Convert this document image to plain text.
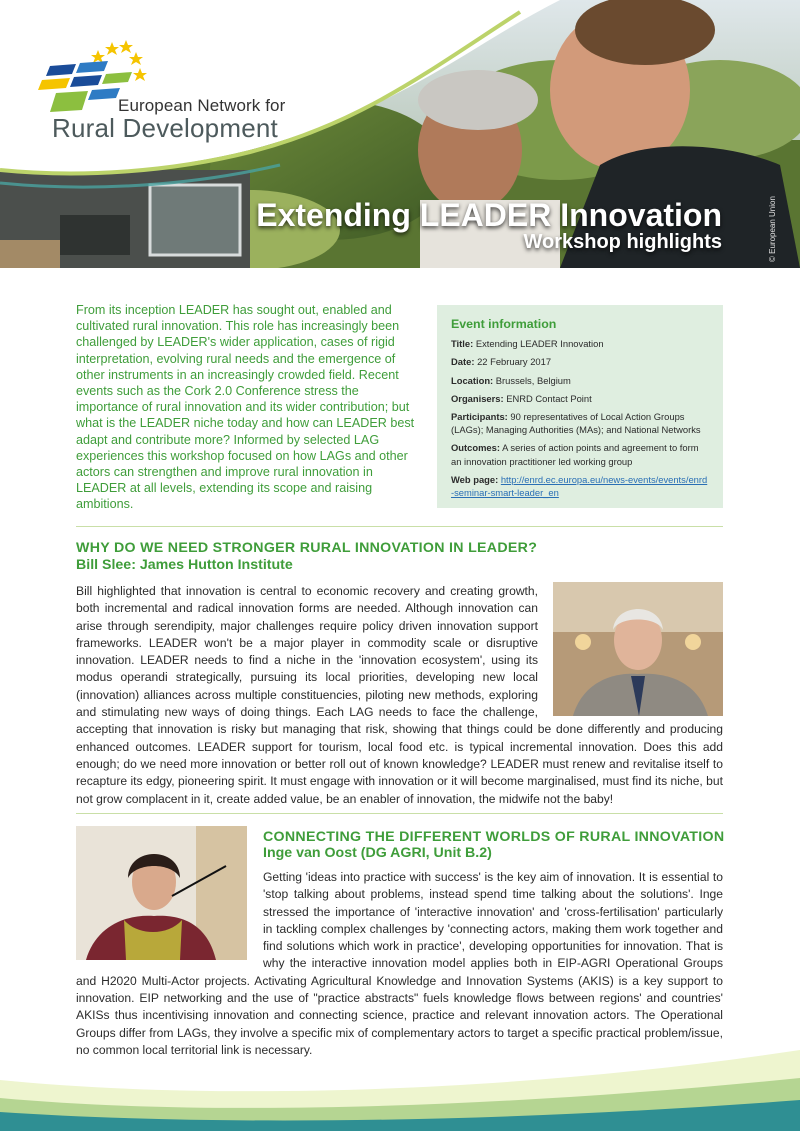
European Network for
Rural Development
Extending LEADER Innovation
Workshop highlights	© European Union

From its inception LEADER has sought out, enabled and cultivated rural innovation. This role has increasingly been challenged by LEADER's wider application, cases of rigid interpretation, evolving rural needs and the emergence of other instruments in an increasingly crowded field. Recent events such as the Cork 2.0 Conference stress the importance of rural innovation and its wider contribution; but what is the LEADER niche today and how can LEADER best adapt and contribute more? Informed by selected LAG experiences this workshop focused on how LAGs and other actors can strengthen and improve rural innovation in LEADER at all levels, extending its scope and raising ambitions.

Event information

Title: Extending LEADER Innovation

Date: 22 February 2017

Location: Brussels, Belgium

Organisers: ENRD Contact Point

Participants: 90 representatives of Local Action Groups (LAGs); Managing Authorities (MAs); and National Networks

Outcomes: A series of action points and agreement to form an innovation practitioner led working group

Web page: http://enrd.ec.europa.eu/news-events/events/enrd-seminar-smart-leader_en

WHY DO WE NEED STRONGER RURAL INNOVATION IN LEADER?
Bill Slee: James Hutton Institute

Bill highlighted that innovation is central to economic recovery and creating growth, both incremental and radical innovation forms are needed. Although innovation can arise through serendipity, major challenges require policy driven innovation support frameworks. LEADER won't be a major player in commodity scale or disruptive innovation. LEADER needs to find a niche in the 'innovation ecosystem', using its modus operandi strategically, pursuing its local priorities, developing new local (innovation) alliances across multiple constituencies, piloting new methods, exploring and stimulating new ways of doing things. Each LAG needs to face the challenge, accepting that innovation is risky but managing that risk, showing that things could be done differently and producing enhanced outcomes. LEADER support for tourism, local food etc. is typical incremental innovation. Does this add enough; do we need more innovation or better roll out of known knowledge? LEADER must renew and revitalise itself to recapture its edgy, pioneering spirit. It must engage with innovation or it will become marginalised, must find its niche, but not grow complacent in it, create added value, be an enabler of innovation, the midwife not the baby!

CONNECTING THE DIFFERENT WORLDS OF RURAL INNOVATION
Inge van Oost (DG AGRI, Unit B.2)
Getting 'ideas into practice with success' is the key aim of innovation. It is essential to 'stop talking about problems, instead spend time talking about the solutions'. Inge stressed the importance of 'interactive innovation' and 'cross-fertilisation' particularly in tackling complex challenges by 'connecting actors, making them work together and find solutions which work in practice', developing opportunities for innovation. That is why the interactive innovation model applies both in EIP-AGRI Operational Groups and H2020 Multi-Actor projects. Activating Agricultural Knowledge and Innovation Systems (AKIS) is a key support to innovation. EIP networking and the use of "practice abstracts" fuels knowledge flows between regions' and countries' AKISs thus incentivising innovation and connecting science, practice and relevant innovation actors. The Operational Groups differ from LAGs, they involve a specific mix of complementary actors to target a specific practical problem/issue, no common local territorial link is necessary.
